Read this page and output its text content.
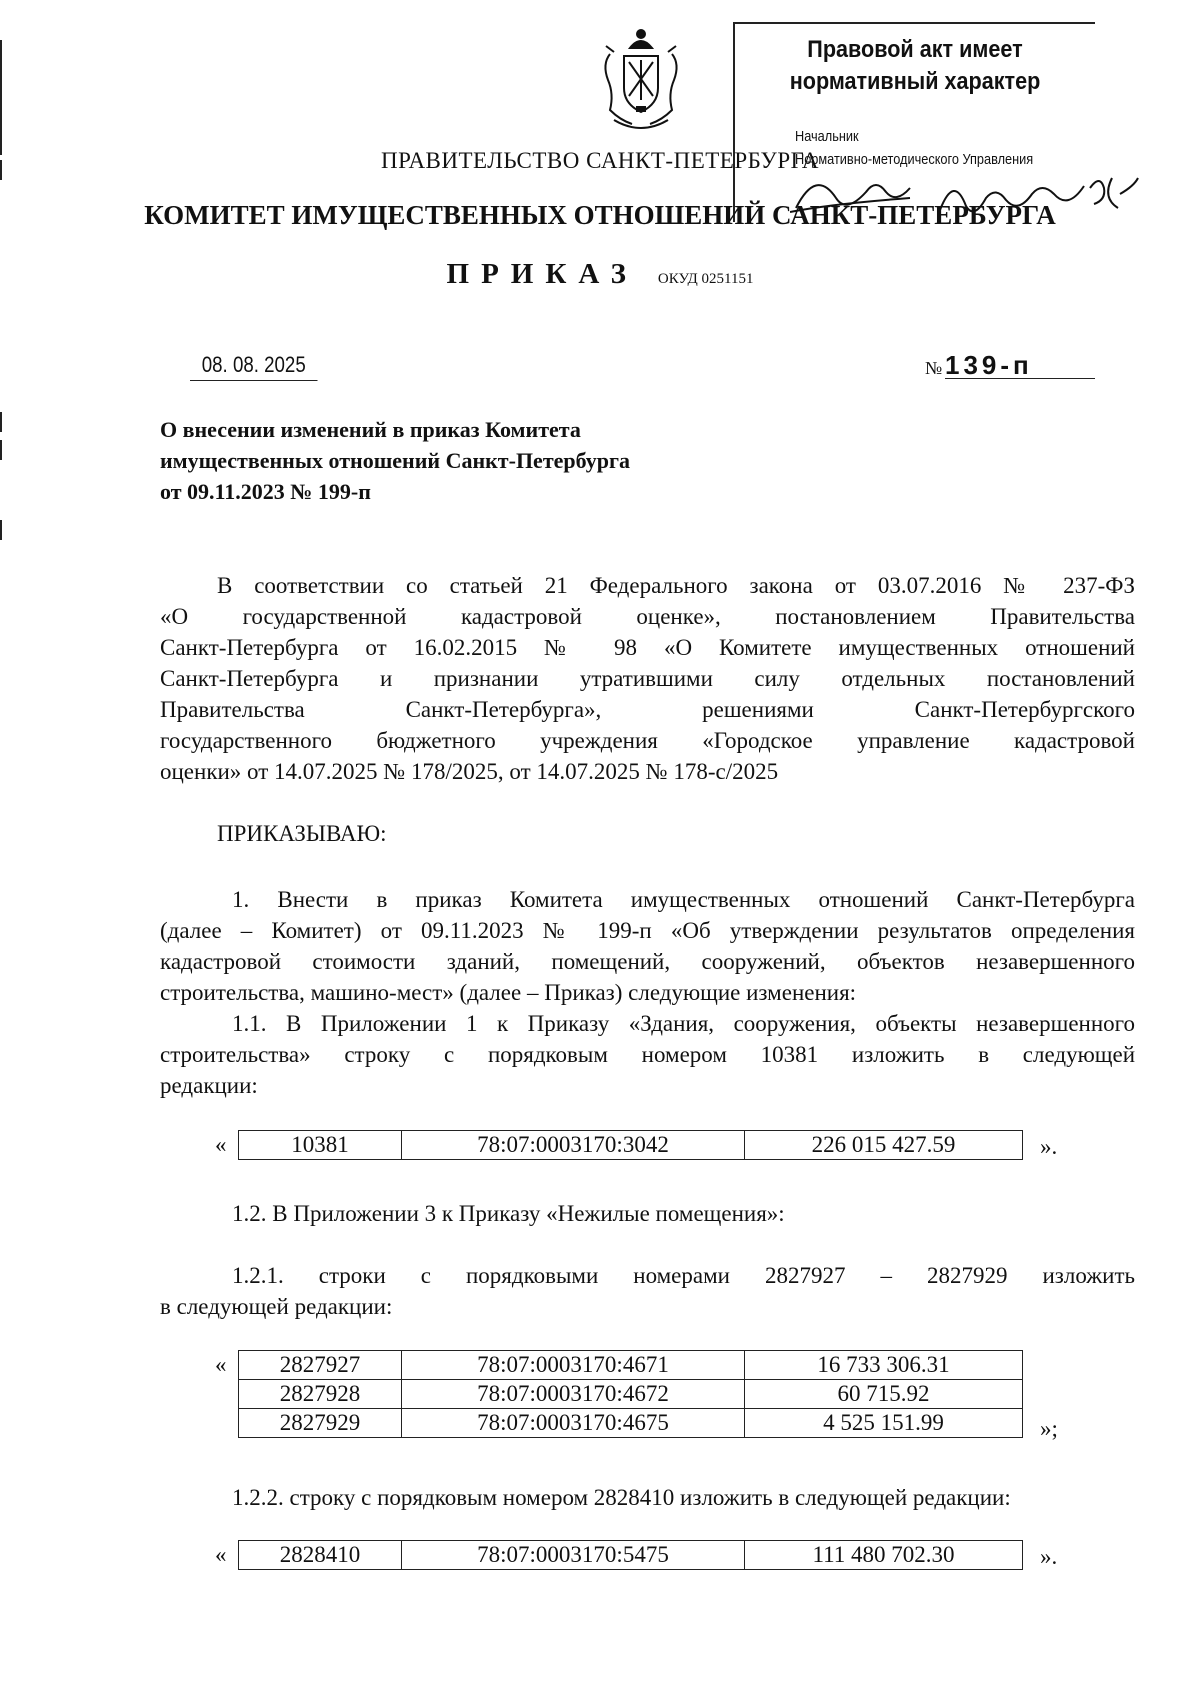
Правовой акт имеет
нормативный характер
Начальник
Нормативно-методического Управления
ПРАВИТЕЛЬСТВО САНКТ-ПЕТЕРБУРГА
КОМИТЕТ ИМУЩЕСТВЕННЫХ ОТНОШЕНИЙ САНКТ-ПЕТЕРБУРГА
ПРИКАЗ ОКУД 0251151
08. 08. 2025	№ 139-п
О внесении изменений в приказ Комитета
имущественных отношений Санкт-Петербурга
от 09.11.2023 № 199-п
В соответствии со статьей 21 Федерального закона от 03.07.2016 № 237-ФЗ
«О государственной кадастровой оценке», постановлением Правительства
Санкт-Петербурга от 16.02.2015 № 98 «О Комитете имущественных отношений
Санкт-Петербурга и признании утратившими силу отдельных постановлений
Правительства Санкт-Петербурга», решениями Санкт-Петербургского
государственного бюджетного учреждения «Городское управление кадастровой
оценки» от 14.07.2025 № 178/2025, от 14.07.2025 № 178-с/2025
ПРИКАЗЫВАЮ:
1. Внести в приказ Комитета имущественных отношений Санкт-Петербурга
(далее – Комитет) от 09.11.2023 № 199-п «Об утверждении результатов определения
кадастровой стоимости зданий, помещений, сооружений, объектов незавершенного
строительства, машино-мест» (далее – Приказ) следующие изменения:
1.1. В Приложении 1 к Приказу «Здания, сооружения, объекты незавершенного
строительства» строку с порядковым номером 10381 изложить в следующей
редакции:
«	10381	78:07:0003170:3042	226 015 427.59	».
1.2. В Приложении 3 к Приказу «Нежилые помещения»:
1.2.1. строки с порядковыми номерами 2827927 – 2827929 изложить
в следующей редакции:
« 2827927	78:07:0003170:4671	16 733 306.31
2827928	78:07:0003170:4672	60 715.92
2827929	78:07:0003170:4675	4 525 151.99	»;
1.2.2. строку с порядковым номером 2828410 изложить в следующей редакции:
« 2828410	78:07:0003170:5475	111 480 702.30	».
